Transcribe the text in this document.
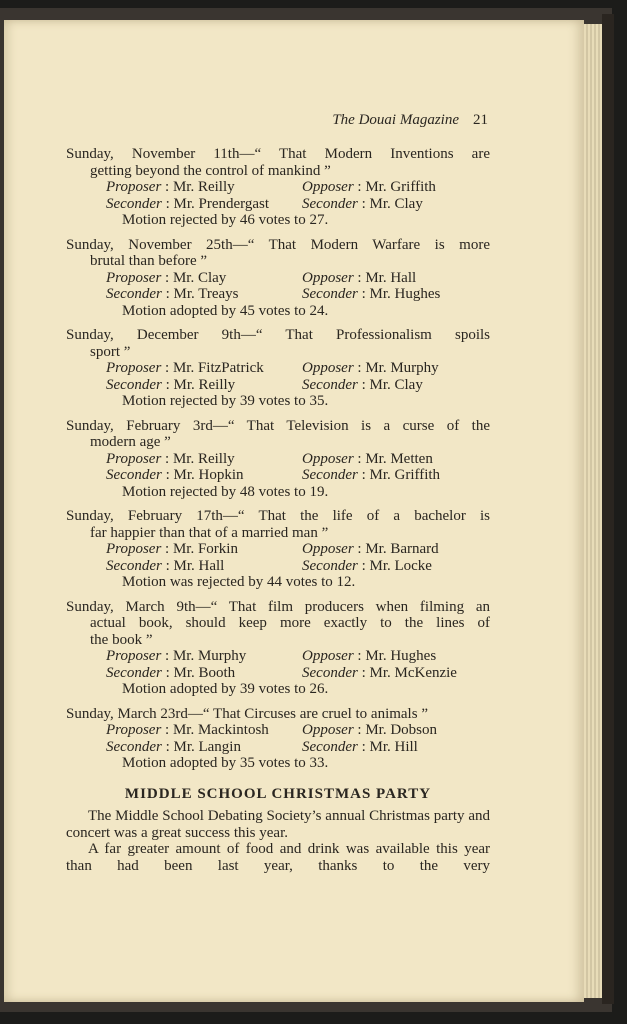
The Douai Magazine 21
Sunday, November 11th—“ That Modern Inventions are
getting beyond the control of mankind ”
Proposer : Mr. Reilly	Opposer : Mr. Griffith
Seconder : Mr. Prendergast	Seconder : Mr. Clay
Motion rejected by 46 votes to 27.
Sunday, November 25th—“ That Modern Warfare is more
brutal than before ”
Proposer : Mr. Clay	Opposer : Mr. Hall
Seconder : Mr. Treays	Seconder : Mr. Hughes
Motion adopted by 45 votes to 24.
Sunday, December 9th—“ That Professionalism spoils
sport ”
Proposer : Mr. FitzPatrick	Opposer : Mr. Murphy
Seconder : Mr. Reilly	Seconder : Mr. Clay
Motion rejected by 39 votes to 35.
Sunday, February 3rd—“ That Television is a curse of the
modern age ”
Proposer : Mr. Reilly	Opposer : Mr. Metten
Seconder : Mr. Hopkin	Seconder : Mr. Griffith
Motion rejected by 48 votes to 19.
Sunday, February 17th—“ That the life of a bachelor is
far happier than that of a married man ”
Proposer : Mr. Forkin	Opposer : Mr. Barnard
Seconder : Mr. Hall	Seconder : Mr. Locke
Motion was rejected by 44 votes to 12.
Sunday, March 9th—“ That film producers when filming an
actual book, should keep more exactly to the lines of
the book ”
Proposer : Mr. Murphy	Opposer : Mr. Hughes
Seconder : Mr. Booth	Seconder : Mr. McKenzie
Motion adopted by 39 votes to 26.
Sunday, March 23rd—“ That Circuses are cruel to animals ”
Proposer : Mr. Mackintosh	Opposer : Mr. Dobson
Seconder : Mr. Langin	Seconder : Mr. Hill
Motion adopted by 35 votes to 33.
MIDDLE SCHOOL CHRISTMAS PARTY
The Middle School Debating Society’s annual Christmas party and concert was a great success this year.
A far greater amount of food and drink was available this year than had been last year, thanks to the very
